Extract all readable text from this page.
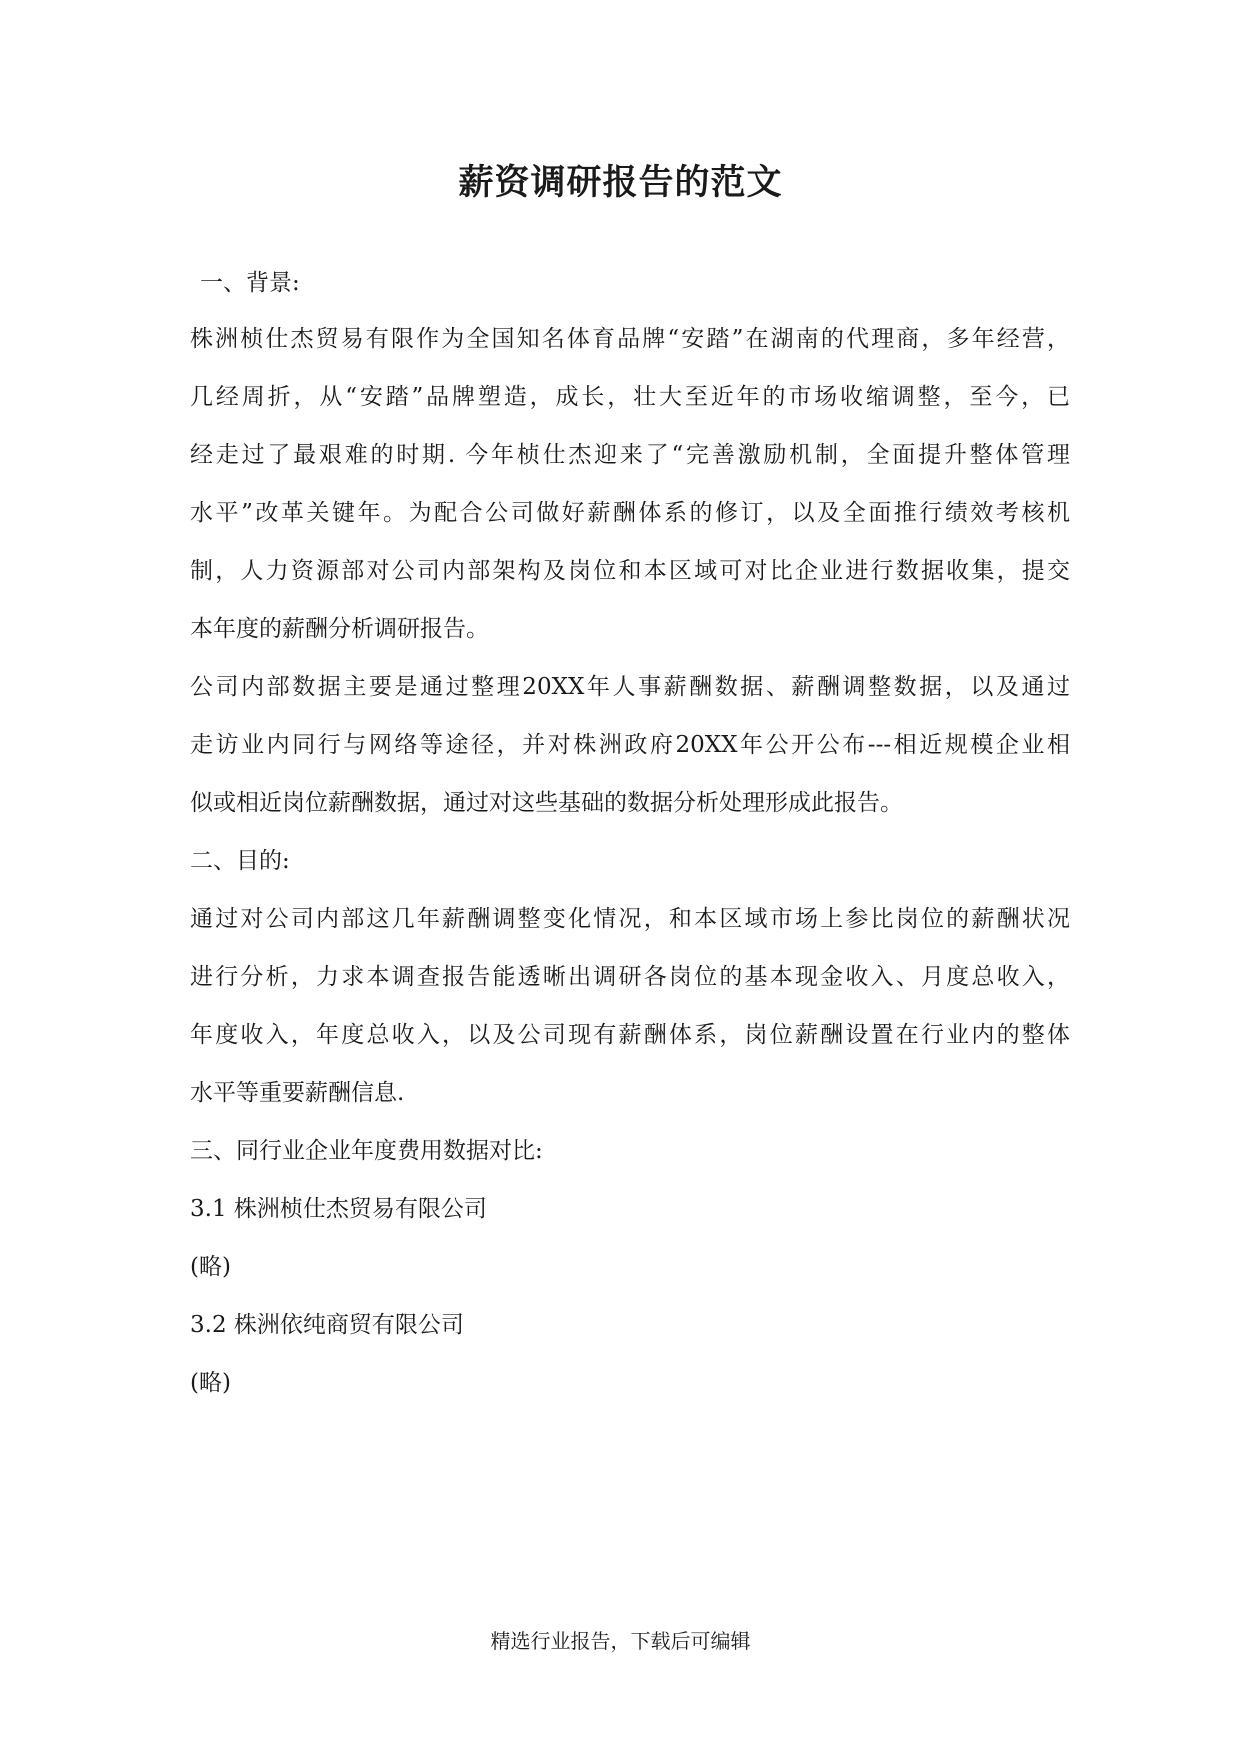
薪资调研报告的范文
一、背景:
株洲桢仕杰贸易有限作为全国知名体育品牌“安踏”在湖南的代理商，多年经营，
几经周折，从“安踏”品牌塑造，成长，壮大至近年的市场收缩调整，至今，已
经走过了最艰难的时期. 今年桢仕杰迎来了“完善激励机制，全面提升整体管理
水平”改革关键年。为配合公司做好薪酬体系的修订，以及全面推行绩效考核机
制，人力资源部对公司内部架构及岗位和本区域可对比企业进行数据收集，提交
本年度的薪酬分析调研报告。
公司内部数据主要是通过整理20XX年人事薪酬数据、薪酬调整数据，以及通过
走访业内同行与网络等途径，并对株洲政府20XX年公开公布---相近规模企业相
似或相近岗位薪酬数据，通过对这些基础的数据分析处理形成此报告。
二、目的:
通过对公司内部这几年薪酬调整变化情况，和本区域市场上参比岗位的薪酬状况
进行分析，力求本调查报告能透晰出调研各岗位的基本现金收入、月度总收入，
年度收入，年度总收入，以及公司现有薪酬体系，岗位薪酬设置在行业内的整体
水平等重要薪酬信息.
三、同行业企业年度费用数据对比:
3.1 株洲桢仕杰贸易有限公司
(略)
3.2 株洲依纯商贸有限公司
(略)
精选行业报告，下载后可编辑
